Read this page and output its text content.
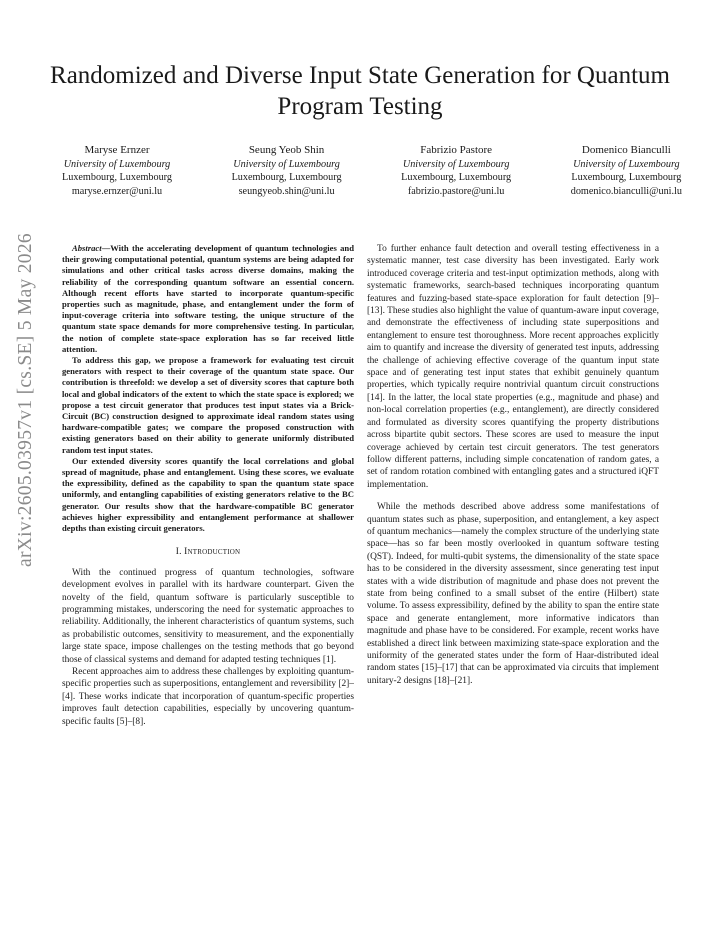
arXiv:2605.03957v1 [cs.SE] 5 May 2026
Randomized and Diverse Input State Generation for Quantum Program Testing
Maryse Ernzer
University of Luxembourg
Luxembourg, Luxembourg
maryse.ernzer@uni.lu
Seung Yeob Shin
University of Luxembourg
Luxembourg, Luxembourg
seungyeob.shin@uni.lu
Fabrizio Pastore
University of Luxembourg
Luxembourg, Luxembourg
fabrizio.pastore@uni.lu
Domenico Bianculli
University of Luxembourg
Luxembourg, Luxembourg
domenico.bianculli@uni.lu

Abstract—With the accelerating development of quantum technologies and their growing computational potential, quantum systems are being adapted for simulations and other critical tasks across diverse domains, making the reliability of the corresponding quantum software an essential concern. Although recent efforts have started to incorporate quantum-specific properties such as magnitude, phase, and entanglement under the form of input-coverage criteria into software testing, the unique structure of the quantum state space demands for more comprehensive testing. In particular, the notion of complete state-space exploration has so far received little attention.

To address this gap, we propose a framework for evaluating test circuit generators with respect to their coverage of the quantum state space. Our contribution is threefold: we develop a set of diversity scores that capture both local and global indicators of the extent to which the state space is explored; we propose a test circuit generator that produces test input states via a Brick-Circuit (BC) construction designed to approximate ideal random states using hardware-compatible gates; we compare the proposed construction with existing generators based on their ability to generate uniformly distributed random test input states.

Our extended diversity scores quantify the local correlations and global spread of magnitude, phase and entanglement. Using these scores, we evaluate the expressibility, defined as the capability to span the quantum state space uniformly, and entangling capabilities of existing generators relative to the BC generator. Our results show that the hardware-compatible BC generator achieves higher expressibility and entanglement performance at shallower depths than existing circuit generators.

I. Introduction

With the continued progress of quantum technologies, software development evolves in parallel with its hardware counterpart. Given the novelty of the field, quantum software is particularly susceptible to programming mistakes, underscoring the need for systematic approaches to reliability. Additionally, the inherent characteristics of quantum systems, such as probabilistic outcomes, sensitivity to measurement, and the exponentially large state space, impose challenges on the testing methods that go beyond those of classical systems and demand for adapted testing techniques [1].

Recent approaches aim to address these challenges by exploiting quantum-specific properties such as superpositions, entanglement and reversibility [2]–[4]. These works indicate that incorporation of quantum-specific properties improves fault detection capabilities, especially by uncovering quantum-specific faults [5]–[8].

To further enhance fault detection and overall testing effectiveness in a systematic manner, test case diversity has been investigated. Early work introduced coverage criteria and test-input optimization methods, along with systematic frameworks, search-based techniques incorporating quantum features and fuzzing-based state-space exploration for fault detection [9]–[13]. These studies also highlight the value of quantum-aware input coverage, and demonstrate the effectiveness of including state superpositions and entanglement to ensure test thoroughness. More recent approaches explicitly aim to quantify and increase the diversity of generated test inputs, addressing the challenge of achieving effective coverage of the quantum input state space and of generating test input states that exhibit genuinely quantum properties, which typically require nontrivial quantum circuit constructions [14]. In the latter, the local state properties (e.g., magnitude and phase) and non-local correlation properties (e.g., entanglement), are directly considered and formulated as diversity scores quantifying the property distributions across bipartite qubit sectors. These scores are used to measure the input coverage achieved by certain test circuit generators. The test generators follow different patterns, including simple concatenation of random gates, a set of random rotation combined with entangling gates and a structured iQFT implementation.

While the methods described above address some manifestations of quantum states such as phase, superposition, and entanglement, a key aspect of quantum mechanics—namely the complex structure of the underlying state space—has so far been mostly overlooked in quantum software testing (QST). Indeed, for multi-qubit systems, the dimensionality of the state space has to be considered in the diversity assessment, since generating test input states with a wide distribution of magnitude and phase does not prevent the state from being confined to a small subset of the entire (Hilbert) state volume. To assess expressibility, defined by the ability to span the entire state space and generate entanglement, more informative indicators than magnitude and phase have to be considered. For example, recent works have established a direct link between maximizing state-space exploration and the uniformity of the generated states under the form of Haar-distributed ideal random states [15]–[17] that can be approximated via circuits that implement unitary-2 designs [18]–[21].
